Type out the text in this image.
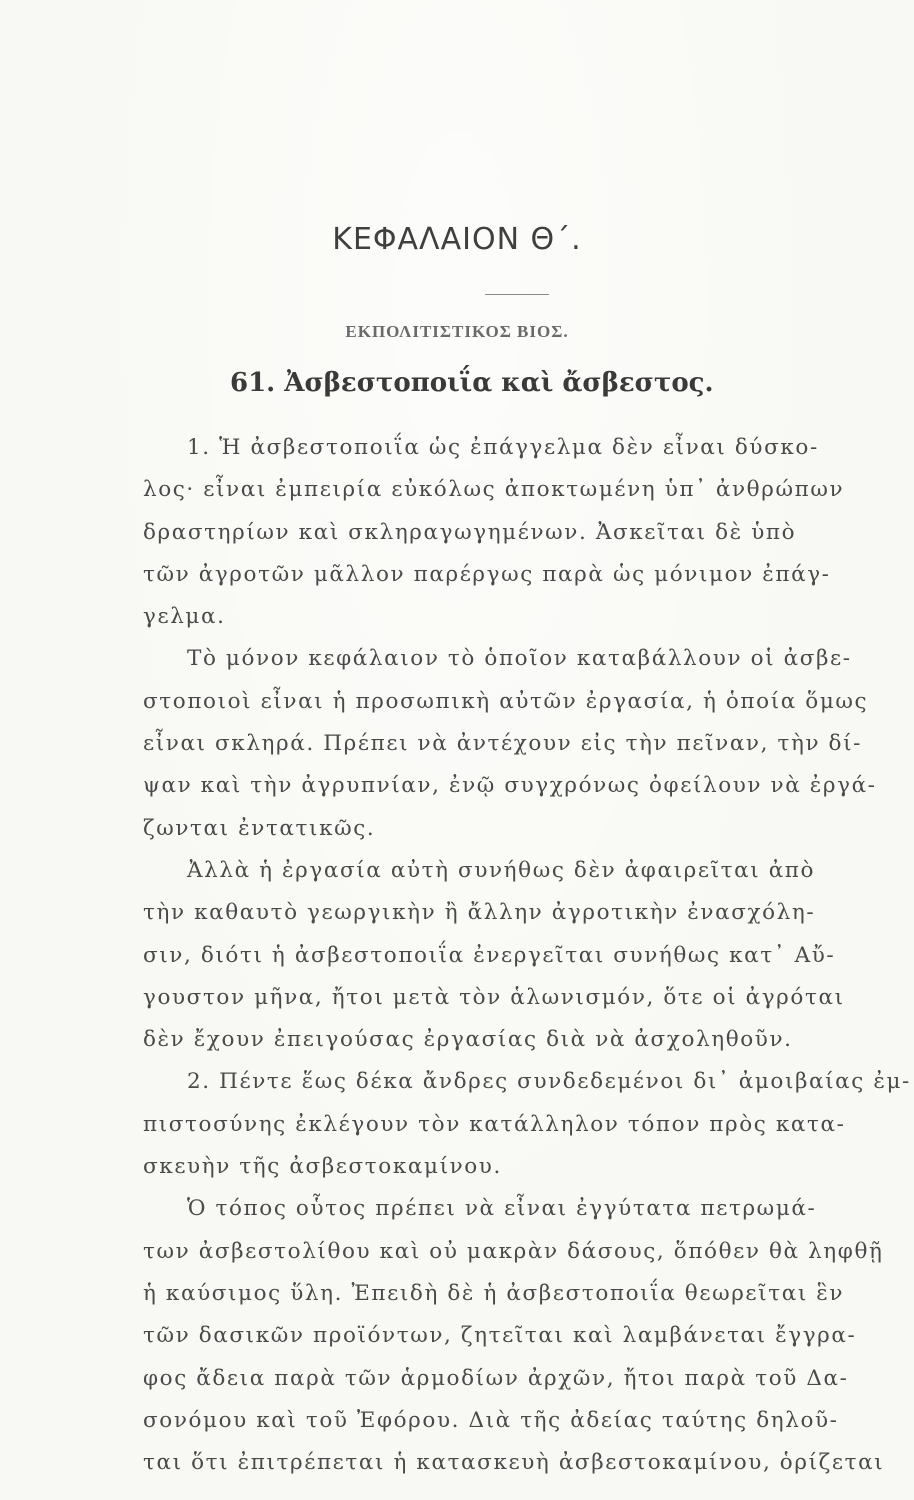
ΚΕΦΑΛΑΙΟΝ Θ΄.
ΕΚΠΟΛΙΤΙΣΤΙΚΟΣ ΒΙΟΣ.
61. Ἀσβεστοποιΐα καὶ ἄσβεστος.
1. Ἡ ἀσβεστοποιΐα ὡς ἐπάγγελμα δὲν εἶναι δύσκο-
λος· εἶναι ἐμπειρία εὐκόλως ἀποκτωμένη ὑπ᾿ ἀνθρώπων
δραστηρίων καὶ σκληραγωγημένων. Ἀσκεῖται δὲ ὑπὸ
τῶν ἀγροτῶν μᾶλλον παρέργως παρὰ ὡς μόνιμον ἐπάγ-
γελμα.
Τὸ μόνον κεφάλαιον τὸ ὁποῖον καταβάλλουν οἱ ἀσβε-
στοποιοὶ εἶναι ἡ προσωπικὴ αὐτῶν ἐργασία, ἡ ὁποία ὅμως
εἶναι σκληρά. Πρέπει νὰ ἀντέχουν εἰς τὴν πεῖναν, τὴν δί-
ψαν καὶ τὴν ἀγρυπνίαν, ἐνῷ συγχρόνως ὀφείλουν νὰ ἐργά-
ζωνται ἐντατικῶς.
Ἀλλὰ ἡ ἐργασία αὐτὴ συνήθως δὲν ἀφαιρεῖται ἀπὸ
τὴν καθαυτὸ γεωργικὴν ἢ ἄλλην ἀγροτικὴν ἐνασχόλη-
σιν, διότι ἡ ἀσβεστοποιΐα ἐνεργεῖται συνήθως κατ᾿ Αὔ-
γουστον μῆνα, ἤτοι μετὰ τὸν ἁλωνισμόν, ὅτε οἱ ἀγρόται
δὲν ἔχουν ἐπειγούσας ἐργασίας διὰ νὰ ἀσχοληθοῦν.
2. Πέντε ἕως δέκα ἄνδρες συνδεδεμένοι δι᾿ ἀμοιβαίας ἐμ-
πιστοσύνης ἐκλέγουν τὸν κατάλληλον τόπον πρὸς κατα-
σκευὴν τῆς ἀσβεστοκαμίνου.
Ὁ τόπος οὗτος πρέπει νὰ εἶναι ἐγγύτατα πετρωμά-
των ἀσβεστολίθου καὶ οὐ μακρὰν δάσους, ὅπόθεν θὰ ληφθῇ
ἡ καύσιμος ὕλη. Ἐπειδὴ δὲ ἡ ἀσβεστοποιΐα θεωρεῖται ἓν
τῶν δασικῶν προϊόντων, ζητεῖται καὶ λαμβάνεται ἔγγρα-
φος ἄδεια παρὰ τῶν ἁρμοδίων ἀρχῶν, ἤτοι παρὰ τοῦ Δα-
σονόμου καὶ τοῦ Ἐφόρου. Διὰ τῆς ἀδείας ταύτης δηλοῦ-
ται ὅτι ἐπιτρέπεται ἡ κατασκευὴ ἀσβεστοκαμίνου, ὁρίζεται
